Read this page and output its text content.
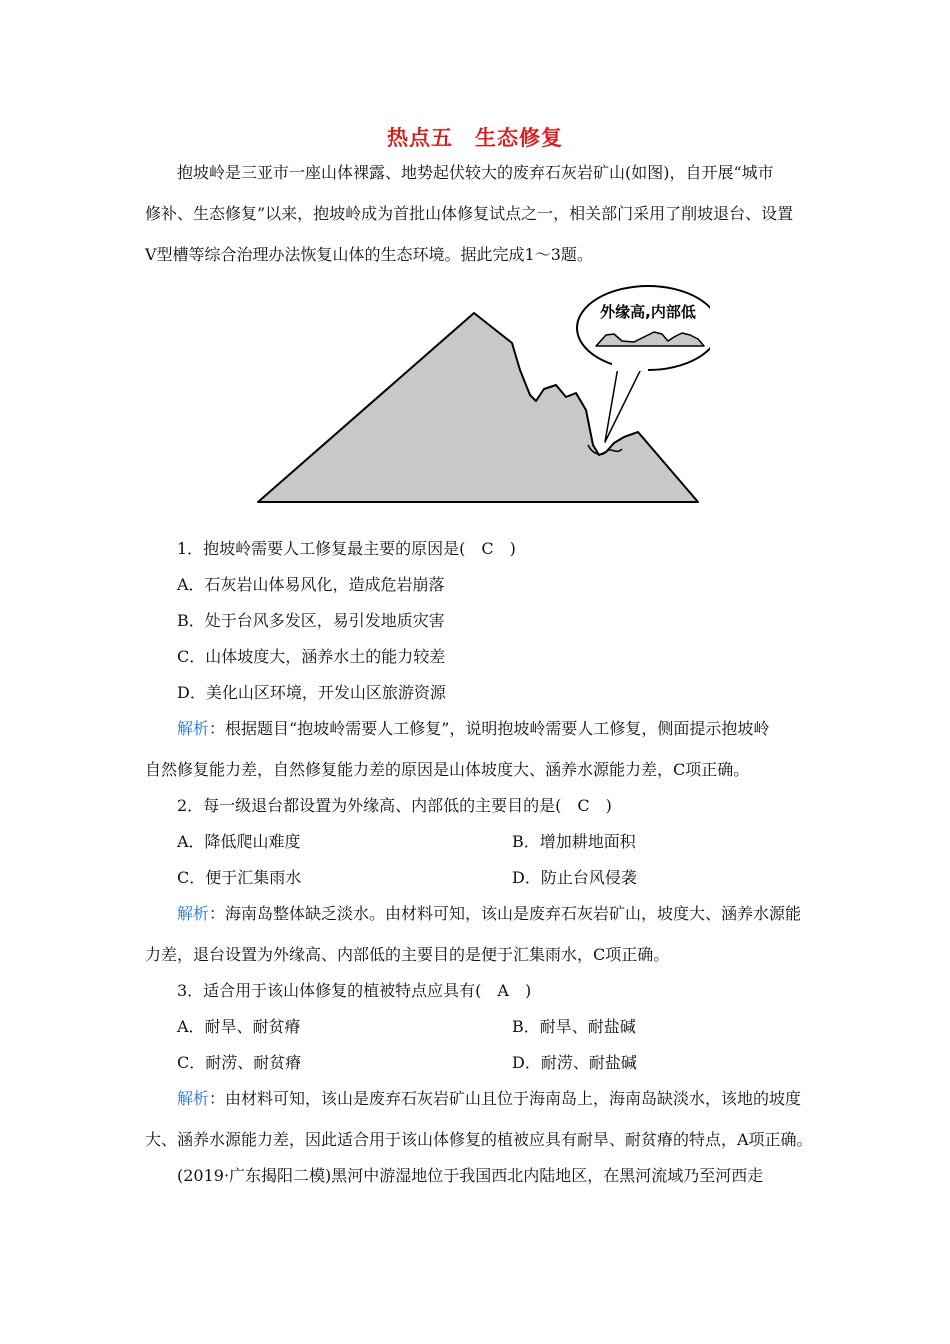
热点五　生态修复
抱坡岭是三亚市一座山体裸露、地势起伏较大的废弃石灰岩矿山(如图)，自开展“城市
修补、生态修复”以来，抱坡岭成为首批山体修复试点之一，相关部门采用了削坡退台、设置
V型槽等综合治理办法恢复山体的生态环境。据此完成1～3题。
外缘高,内部低
1．抱坡岭需要人工修复最主要的原因是(　C　)
A．石灰岩山体易风化，造成危岩崩落
B．处于台风多发区，易引发地质灾害
C．山体坡度大，涵养水土的能力较差
D．美化山区环境，开发山区旅游资源
解析：根据题目“抱坡岭需要人工修复”，说明抱坡岭需要人工修复，侧面提示抱坡岭
自然修复能力差，自然修复能力差的原因是山体坡度大、涵养水源能力差，C项正确。
2．每一级退台都设置为外缘高、内部低的主要目的是(　C　)
A．降低爬山难度	B．增加耕地面积
C．便于汇集雨水	D．防止台风侵袭
解析：海南岛整体缺乏淡水。由材料可知，该山是废弃石灰岩矿山，坡度大、涵养水源能
力差，退台设置为外缘高、内部低的主要目的是便于汇集雨水，C项正确。
3．适合用于该山体修复的植被特点应具有(　A　)
A．耐旱、耐贫瘠	B．耐旱、耐盐碱
C．耐涝、耐贫瘠	D．耐涝、耐盐碱
解析：由材料可知，该山是废弃石灰岩矿山且位于海南岛上，海南岛缺淡水，该地的坡度
大、涵养水源能力差，因此适合用于该山体修复的植被应具有耐旱、耐贫瘠的特点，A项正确。
(2019·广东揭阳二模)黑河中游湿地位于我国西北内陆地区，在黑河流域乃至河西走
